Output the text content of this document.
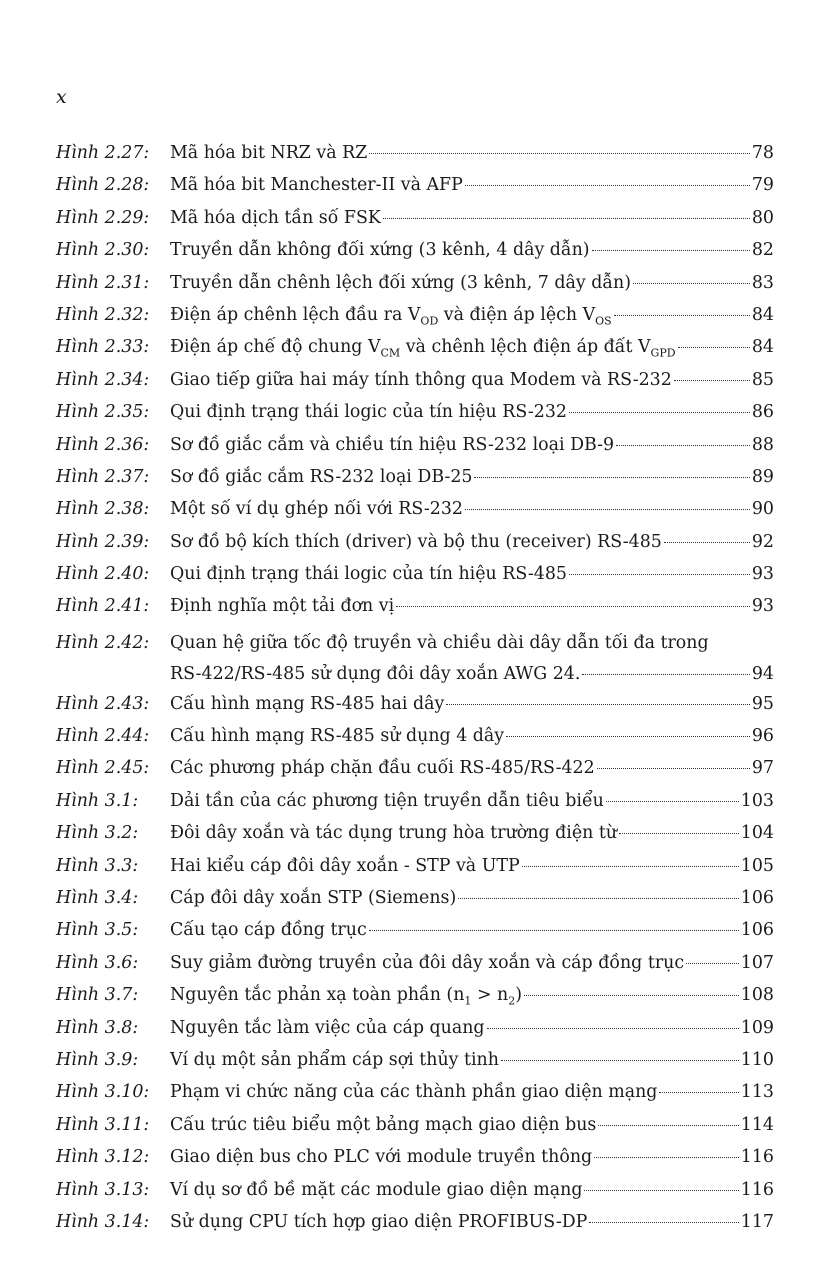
x
Hình 2.27:	Mã hóa bit NRZ và RZ	78
Hình 2.28:	Mã hóa bit Manchester-II và AFP	79
Hình 2.29:	Mã hóa dịch tần số FSK	80
Hình 2.30:	Truyền dẫn không đối xứng (3 kênh, 4 dây dẫn)	82
Hình 2.31:	Truyền dẫn chênh lệch đối xứng (3 kênh, 7 dây dẫn)	83
Hình 2.32:	Điện áp chênh lệch đầu ra $V_{OD}$ và điện áp lệch $V_{OS}$	84
Hình 2.33:	Điện áp chế độ chung $V_{CM}$ và chênh lệch điện áp đất $V_{GPD}$	84
Hình 2.34:	Giao tiếp giữa hai máy tính thông qua Modem và RS-232	85
Hình 2.35:	Qui định trạng thái logic của tín hiệu RS-232	86
Hình 2.36:	Sơ đồ giắc cắm và chiều tín hiệu RS-232 loại DB-9	88
Hình 2.37:	Sơ đồ giắc cắm RS-232 loại DB-25	89
Hình 2.38:	Một số ví dụ ghép nối với RS-232	90
Hình 2.39:	Sơ đồ bộ kích thích (driver) và bộ thu (receiver) RS-485	92
Hình 2.40:	Qui định trạng thái logic của tín hiệu RS-485	93
Hình 2.41:	Định nghĩa một tải đơn vị	93
Hình 2.42:	Quan hệ giữa tốc độ truyền và chiều dài dây dẫn tối đa trong
RS-422/RS-485 sử dụng đôi dây xoắn AWG 24.	94
Hình 2.43:	Cấu hình mạng RS-485 hai dây	95
Hình 2.44:	Cấu hình mạng RS-485 sử dụng 4 dây	96
Hình 2.45:	Các phương pháp chặn đầu cuối RS-485/RS-422	97
Hình 3.1:	Dải tần của các phương tiện truyền dẫn tiêu biểu	103
Hình 3.2:	Đôi dây xoắn và tác dụng trung hòa trường điện từ	104
Hình 3.3:	Hai kiểu cáp đôi dây xoắn - STP và UTP	105
Hình 3.4:	Cáp đôi dây xoắn STP (Siemens)	106
Hình 3.5:	Cấu tạo cáp đồng trục	106
Hình 3.6:	Suy giảm đường truyền của đôi dây xoắn và cáp đồng trục	107
Hình 3.7:	Nguyên tắc phản xạ toàn phần $(n_1 > n_2)$	108
Hình 3.8:	Nguyên tắc làm việc của cáp quang	109
Hình 3.9:	Ví dụ một sản phẩm cáp sợi thủy tinh	110
Hình 3.10:	Phạm vi chức năng của các thành phần giao diện mạng	113
Hình 3.11:	Cấu trúc tiêu biểu một bảng mạch giao diện bus	114
Hình 3.12:	Giao diện bus cho PLC với module truyền thông	116
Hình 3.13:	Ví dụ sơ đồ bề mặt các module giao diện mạng	116
Hình 3.14:	Sử dụng CPU tích hợp giao diện PROFIBUS-DP	117
